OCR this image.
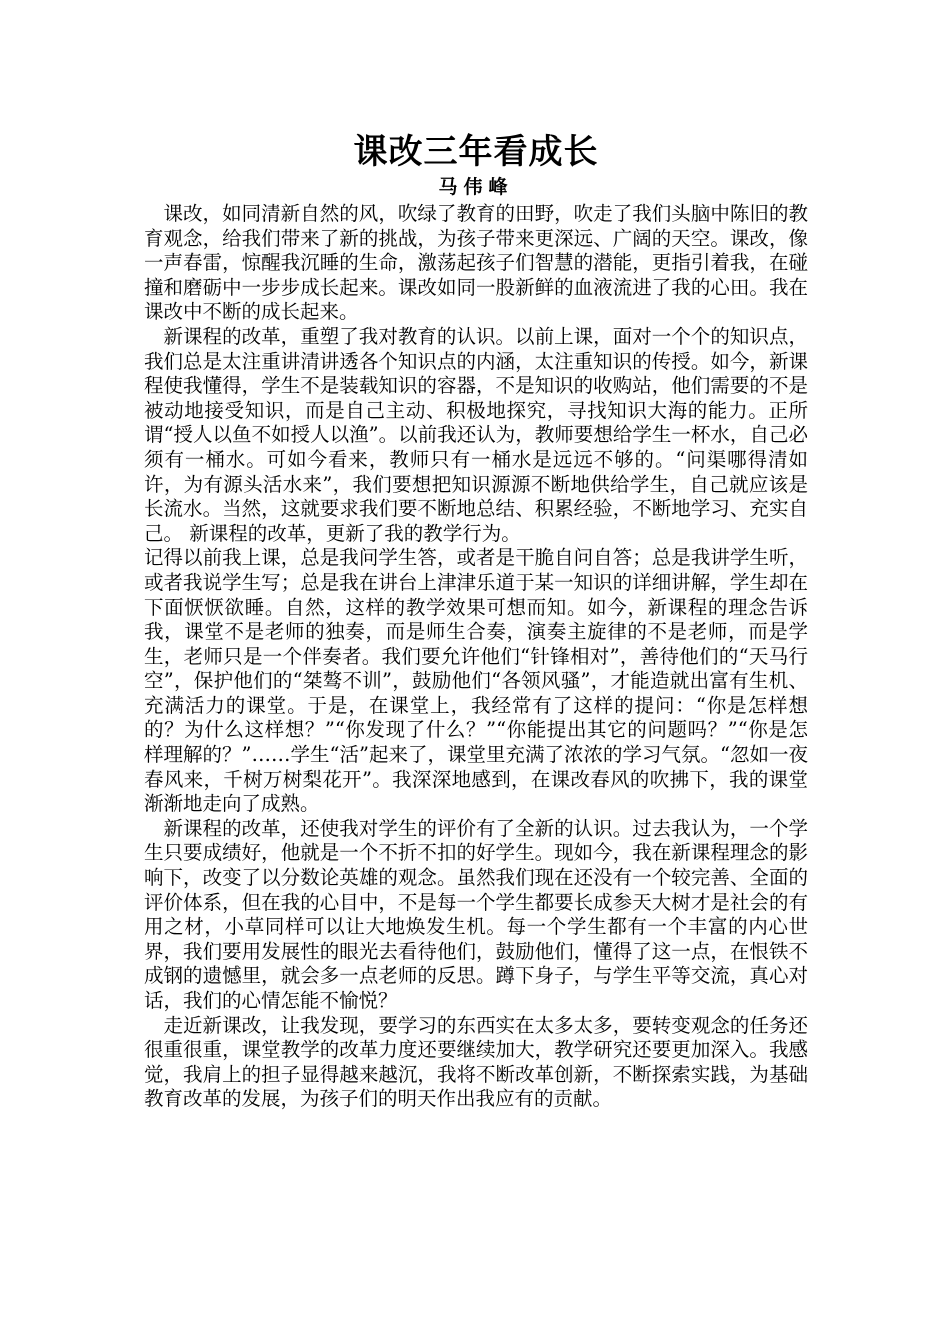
课改三年看成长
马伟峰

课改，如同清新自然的风，吹绿了教育的田野，吹走了我们头脑中陈旧的教育观念，给我们带来了新的挑战，为孩子带来更深远、广阔的天空。课改，像一声春雷，惊醒我沉睡的生命，激荡起孩子们智慧的潜能，更指引着我，在碰撞和磨砺中一步步成长起来。课改如同一股新鲜的血液流进了我的心田。我在课改中不断的成长起来。

新课程的改革，重塑了我对教育的认识。以前上课，面对一个个的知识点，我们总是太注重讲清讲透各个知识点的内涵，太注重知识的传授。如今，新课程使我懂得，学生不是装载知识的容器，不是知识的收购站，他们需要的不是被动地接受知识，而是自己主动、积极地探究，寻找知识大海的能力。正所谓“授人以鱼不如授人以渔”。以前我还认为，教师要想给学生一杯水，自己必须有一桶水。可如今看来，教师只有一桶水是远远不够的。“问渠哪得清如许，为有源头活水来”，我们要想把知识源源不断地供给学生，自己就应该是长流水。当然，这就要求我们要不断地总结、积累经验，不断地学习、充实自己。 新课程的改革，更新了我的教学行为。

记得以前我上课，总是我问学生答，或者是干脆自问自答；总是我讲学生听，或者我说学生写；总是我在讲台上津津乐道于某一知识的详细讲解，学生却在下面恹恹欲睡。自然，这样的教学效果可想而知。如今，新课程的理念告诉我，课堂不是老师的独奏，而是师生合奏，演奏主旋律的不是老师，而是学生，老师只是一个伴奏者。我们要允许他们“针锋相对”，善待他们的“天马行空”，保护他们的“桀骜不训”，鼓励他们“各领风骚”，才能造就出富有生机、充满活力的课堂。于是，在课堂上，我经常有了这样的提问：“你是怎样想的？为什么这样想？”“你发现了什么？”“你能提出其它的问题吗？”“你是怎样理解的？”……学生“活”起来了，课堂里充满了浓浓的学习气氛。“忽如一夜春风来，千树万树梨花开”。我深深地感到，在课改春风的吹拂下，我的课堂渐渐地走向了成熟。

新课程的改革，还使我对学生的评价有了全新的认识。过去我认为，一个学生只要成绩好，他就是一个不折不扣的好学生。现如今，我在新课程理念的影响下，改变了以分数论英雄的观念。虽然我们现在还没有一个较完善、全面的评价体系，但在我的心目中，不是每一个学生都要长成参天大树才是社会的有用之材，小草同样可以让大地焕发生机。每一个学生都有一个丰富的内心世界，我们要用发展性的眼光去看待他们，鼓励他们，懂得了这一点，在恨铁不成钢的遗憾里，就会多一点老师的反思。蹲下身子，与学生平等交流，真心对话，我们的心情怎能不愉悦？

走近新课改，让我发现，要学习的东西实在太多太多，要转变观念的任务还很重很重，课堂教学的改革力度还要继续加大，教学研究还要更加深入。我感觉，我肩上的担子显得越来越沉，我将不断改革创新，不断探索实践，为基础教育改革的发展，为孩子们的明天作出我应有的贡献。
